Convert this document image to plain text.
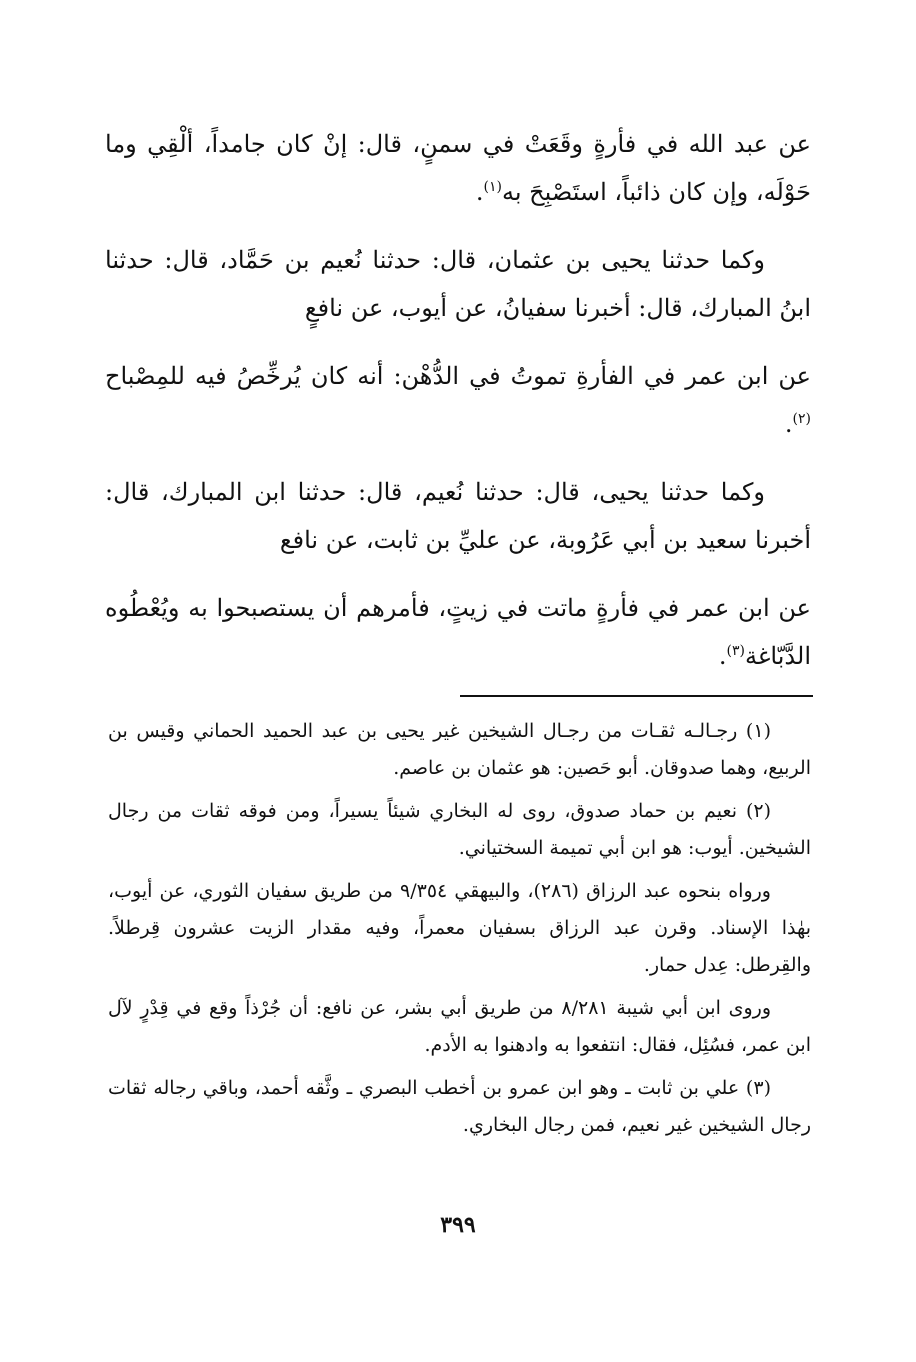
عن عبد الله في فأرةٍ وقَعَتْ في سمنٍ، قال: إنْ كان جامداً، ألْقِي وما حَوْلَه، وإن كان ذائباً، استَصْبِحَ به$^{(١)}$.

وكما حدثنا يحيى بن عثمان، قال: حدثنا نُعيم بن حَمَّاد، قال: حدثنا ابنُ المبارك، قال: أخبرنا سفيانُ، عن أيوب، عن نافعٍ

عن ابن عمر في الفأرةِ تموتُ في الدُّهْن: أنه كان يُرخِّصُ فيه للمِصْباح $^{(٢)}$.

وكما حدثنا يحيى، قال: حدثنا نُعيم، قال: حدثنا ابن المبارك، قال: أخبرنا سعيد بن أبي عَرُوبة، عن عليِّ بن ثابت، عن نافع

عن ابن عمر في فأرةٍ ماتت في زيتٍ، فأمرهم أن يستصبحوا به ويُعْطُوه الدَّبّاغة$^{(٣)}$.

(١) رجـالـه ثقـات من رجـال الشيخين غير يحيى بن عبد الحميد الحماني وقيس بن الربيع، وهما صدوقان. أبو حَصين: هو عثمان بن عاصم.

(٢) نعيم بن حماد صدوق، روى له البخاري شيئاً يسيراً، ومن فوقه ثقات من رجال الشيخين. أيوب: هو ابن أبي تميمة السختياني.

ورواه بنحوه عبد الرزاق (٢٨٦)، والبيهقي ٩/٣٥٤ من طريق سفيان الثوري، عن أيوب، بهٰذا الإسناد. وقرن عبد الرزاق بسفيان معمراً، وفيه مقدار الزيت عشرون قِرطلاً. والقِرطل: عِدل حمار.

وروى ابن أبي شيبة ٨/٢٨١ من طريق أبي بشر، عن نافع: أن جُرْذاً وقع في قِدْرٍ لآل ابن عمر، فسُئِل، فقال: انتفعوا به وادهنوا به الأدم.

(٣) علي بن ثابت ـ وهو ابن عمرو بن أخطب البصري ـ وثَّقه أحمد، وباقي رجاله ثقات رجال الشيخين غير نعيم، فمن رجال البخاري.

٣٩٩
